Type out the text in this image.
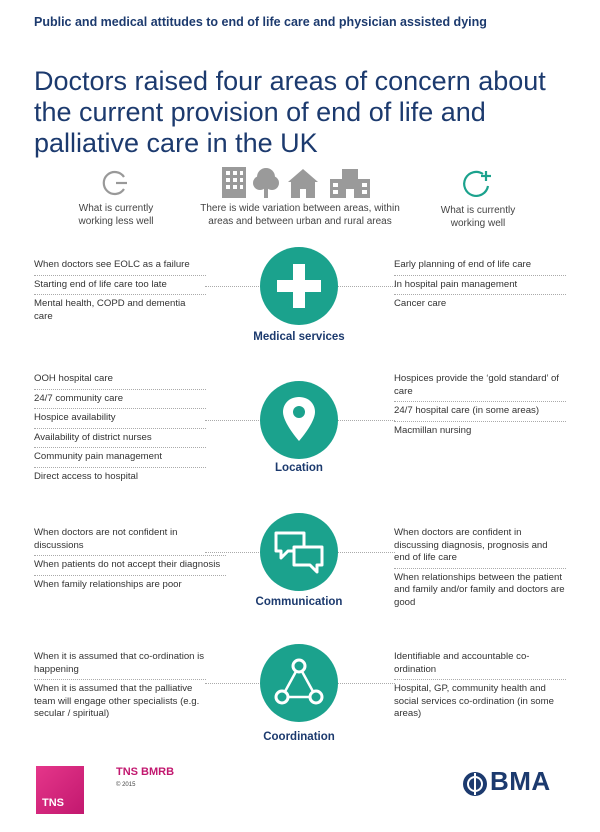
Public and medical attitudes to end of life care and physician assisted dying
Doctors raised four areas of concern about the current provision of end of life and palliative care in the UK
What is currently working less well
There is wide variation between areas, within areas and between urban and rural areas
What is currently working well
Medical services
When doctors see EOLC as a failure
Starting end of life care too late
Mental health, COPD and dementia care
Early planning of end of life care
In hospital pain management
Cancer care
Location
OOH hospital care
24/7 community care
Hospice availability
Availability of district nurses
Community pain management
Direct access to hospital
Hospices provide the ‘gold standard’ of care
24/7 hospital care (in some areas)
Macmillan nursing
Communication
When doctors are not confident in discussions
When patients do not accept their diagnosis
When family relationships are poor
When doctors are confident in discussing diagnosis, prognosis and end of life care
When relationships between the patient and family and/or family and doctors are good
Coordination
When it is assumed that co-ordination is happening
When it is assumed that the palliative team will engage other specialists (e.g. secular / spiritual)
Identifiable and accountable co-ordination
Hospital, GP, community health and social services co-ordination (in some areas)
TNS
TNS BMRB
© 2015	BMA
